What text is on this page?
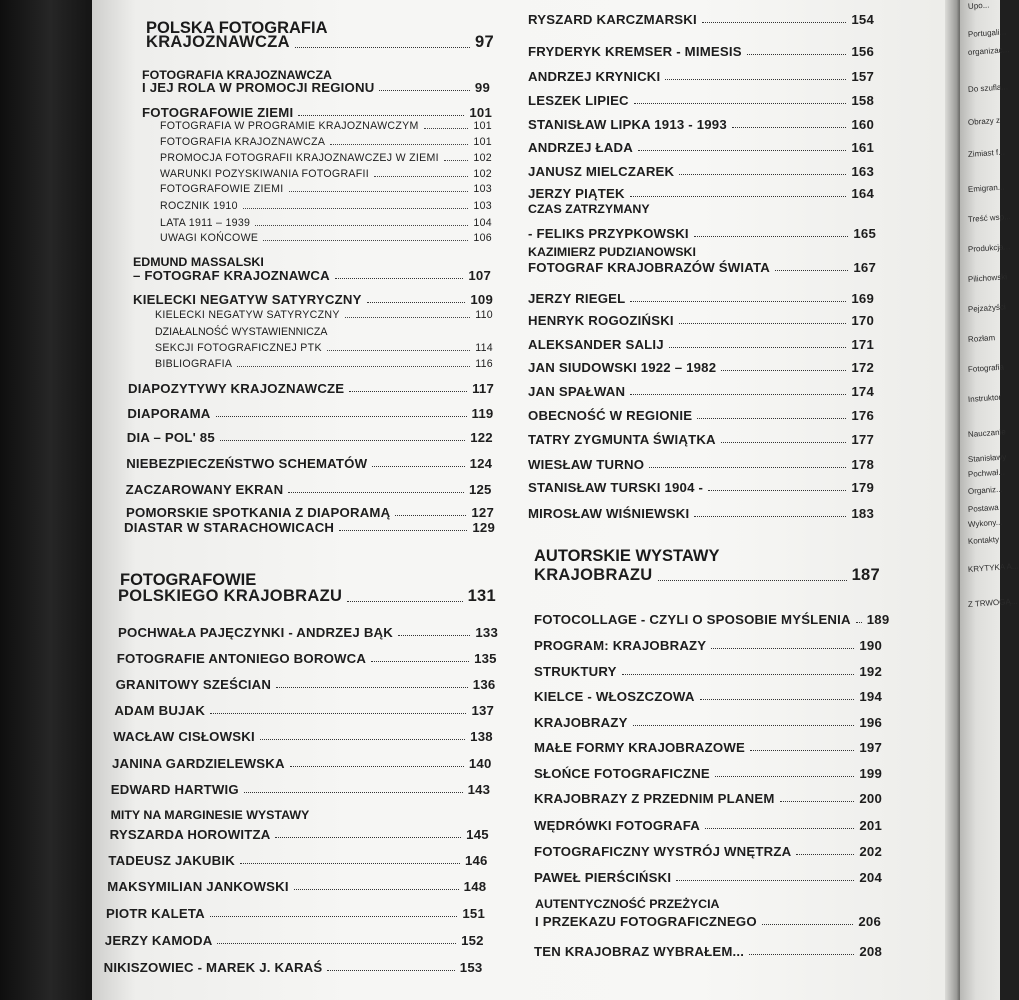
Upo...
Portugali...
organizac...
Do szufla...
Obrazy z
Zimiast f...
Emigran...
Treść wsp...
Produkcja...
Pilichowski
Pejzażyści
Rozłam
Fotografia
Instruktor
Nauczanie
Stanisławy
Pochwał...
Organiz...
Postawa
Wykony...
Kontakty
KRYTYKA A...
Z TRWOGĄ...
POLSKA FOTOGRAFIA
KRAJOZNAWCZA	97
FOTOGRAFIA KRAJOZNAWCZA
I JEJ ROLA W PROMOCJI REGIONU	99
FOTOGRAFOWIE ZIEMI	101
FOTOGRAFIA W PROGRAMIE KRAJOZNAWCZYM	101
FOTOGRAFIA KRAJOZNAWCZA	101
PROMOCJA FOTOGRAFII KRAJOZNAWCZEJ W ZIEMI	102
WARUNKI POZYSKIWANIA FOTOGRAFII	102
FOTOGRAFOWIE ZIEMI	103
ROCZNIK 1910	103
LATA 1911 – 1939	104
UWAGI KOŃCOWE	106
EDMUND MASSALSKI
– FOTOGRAF KRAJOZNAWCA	107
KIELECKI NEGATYW SATYRYCZNY	109
KIELECKI NEGATYW SATYRYCZNY	110
DZIAŁALNOŚĆ WYSTAWIENNICZA
SEKCJI FOTOGRAFICZNEJ PTK	114
BIBLIOGRAFIA	116
DIAPOZYTYWY KRAJOZNAWCZE	117
DIAPORAMA	119
DIA – POL' 85	122
NIEBEZPIECZEŃSTWO SCHEMATÓW	124
ZACZAROWANY EKRAN	125
POMORSKIE SPOTKANIA Z DIAPORAMĄ	127
DIASTAR W STARACHOWICACH	129
FOTOGRAFOWIE
POLSKIEGO KRAJOBRAZU	131
POCHWAŁA PAJĘCZYNKI - ANDRZEJ BĄK	133
FOTOGRAFIE ANTONIEGO BOROWCA	135
GRANITOWY SZEŚCIAN	136
ADAM BUJAK	137
WACŁAW CISŁOWSKI	138
JANINA GARDZIELEWSKA	140
EDWARD HARTWIG	143
MITY NA MARGINESIE WYSTAWY
RYSZARDA HOROWITZA	145
TADEUSZ JAKUBIK	146
MAKSYMILIAN JANKOWSKI	148
PIOTR KALETA	151
JERZY KAMODA	152
NIKISZOWIEC - MAREK J. KARAŚ	153
RYSZARD KARCZMARSKI	154
FRYDERYK KREMSER - MIMESIS	156
ANDRZEJ KRYNICKI	157
LESZEK LIPIEC	158
STANISŁAW LIPKA 1913 - 1993	160
ANDRZEJ ŁADA	161
JANUSZ MIELCZAREK	163
JERZY PIĄTEK	164
CZAS ZATRZYMANY
- FELIKS PRZYPKOWSKI	165
KAZIMIERZ PUDZIANOWSKI
FOTOGRAF KRAJOBRAZÓW ŚWIATA	167
JERZY RIEGEL	169
HENRYK ROGOZIŃSKI	170
ALEKSANDER SALIJ	171
JAN SIUDOWSKI 1922 – 1982	172
JAN SPAŁWAN	174
OBECNOŚĆ W REGIONIE	176
TATRY ZYGMUNTA ŚWIĄTKA	177
WIESŁAW TURNO	178
STANISŁAW TURSKI 1904 -	179
MIROSŁAW WIŚNIEWSKI	183
AUTORSKIE WYSTAWY
KRAJOBRAZU	187
FOTOCOLLAGE - CZYLI O SPOSOBIE MYŚLENIA 189
PROGRAM: KRAJOBRAZY	190
STRUKTURY	192
KIELCE - WŁOSZCZOWA	194
KRAJOBRAZY	196
MAŁE FORMY KRAJOBRAZOWE	197
SŁOŃCE FOTOGRAFICZNE	199
KRAJOBRAZY Z PRZEDNIM PLANEM	200
WĘDRÓWKI FOTOGRAFA	201
FOTOGRAFICZNY WYSTRÓJ WNĘTRZA	202
PAWEŁ PIERŚCIŃSKI	204
AUTENTYCZNOŚĆ PRZEŻYCIA
I PRZEKAZU FOTOGRAFICZNEGO	206
TEN KRAJOBRAZ WYBRAŁEM...	208
